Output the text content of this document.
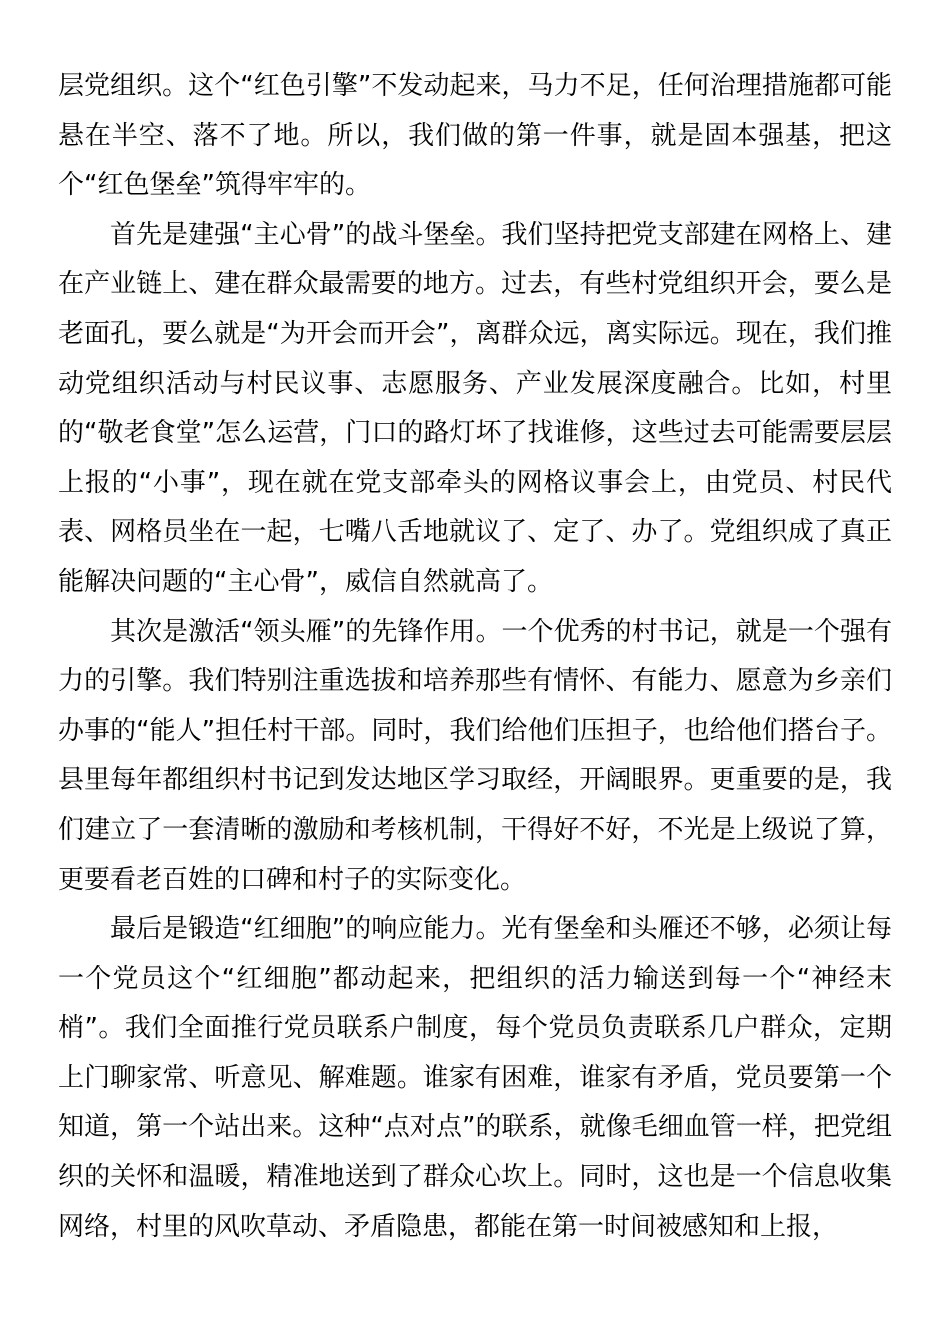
层党组织。这个“红色引擎”不发动起来，马力不足，任何治理措施都可能悬在半空、落不了地。所以，我们做的第一件事，就是固本强基，把这个“红色堡垒”筑得牢牢的。

首先是建强“主心骨”的战斗堡垒。我们坚持把党支部建在网格上、建在产业链上、建在群众最需要的地方。过去，有些村党组织开会，要么是老面孔，要么就是“为开会而开会”，离群众远，离实际远。现在，我们推动党组织活动与村民议事、志愿服务、产业发展深度融合。比如，村里的“敬老食堂”怎么运营，门口的路灯坏了找谁修，这些过去可能需要层层上报的“小事”，现在就在党支部牵头的网格议事会上，由党员、村民代表、网格员坐在一起，七嘴八舌地就议了、定了、办了。党组织成了真正能解决问题的“主心骨”，威信自然就高了。

其次是激活“领头雁”的先锋作用。一个优秀的村书记，就是一个强有力的引擎。我们特别注重选拔和培养那些有情怀、有能力、愿意为乡亲们办事的“能人”担任村干部。同时，我们给他们压担子，也给他们搭台子。县里每年都组织村书记到发达地区学习取经，开阔眼界。更重要的是，我们建立了一套清晰的激励和考核机制，干得好不好，不光是上级说了算，更要看老百姓的口碑和村子的实际变化。

最后是锻造“红细胞”的响应能力。光有堡垒和头雁还不够，必须让每一个党员这个“红细胞”都动起来，把组织的活力输送到每一个“神经末梢”。我们全面推行党员联系户制度，每个党员负责联系几户群众，定期上门聊家常、听意见、解难题。谁家有困难，谁家有矛盾，党员要第一个知道，第一个站出来。这种“点对点”的联系，就像毛细血管一样，把党组织的关怀和温暖，精准地送到了群众心坎上。同时，这也是一个信息收集网络，村里的风吹草动、矛盾隐患，都能在第一时间被感知和上报，
